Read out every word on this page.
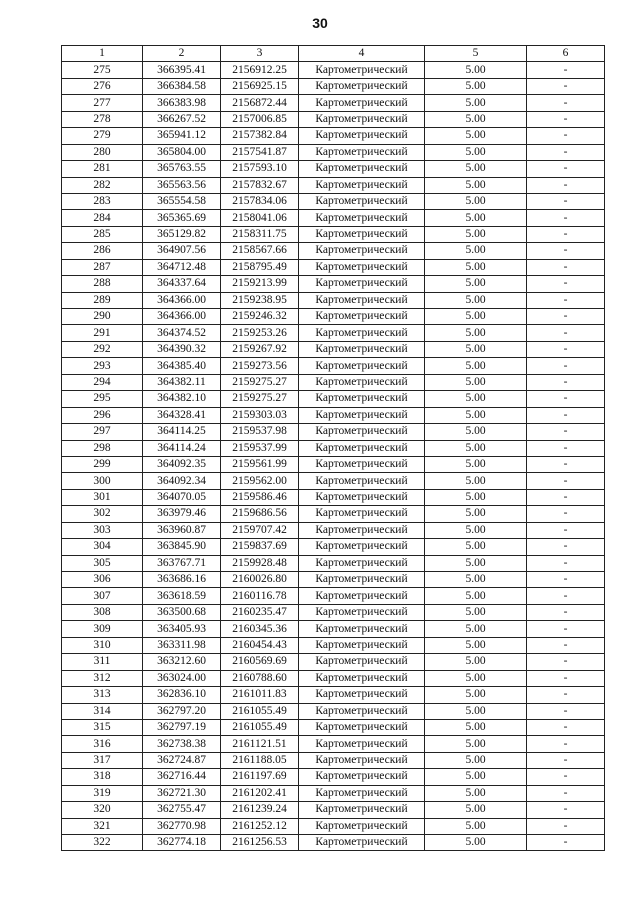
30
1	2	3	4	5	6
275	366395.41	2156912.25	Картометрический	5.00	-
276	366384.58	2156925.15	Картометрический	5.00	-
277	366383.98	2156872.44	Картометрический	5.00	-
278	366267.52	2157006.85	Картометрический	5.00	-
279	365941.12	2157382.84	Картометрический	5.00	-
280	365804.00	2157541.87	Картометрический	5.00	-
281	365763.55	2157593.10	Картометрический	5.00	-
282	365563.56	2157832.67	Картометрический	5.00	-
283	365554.58	2157834.06	Картометрический	5.00	-
284	365365.69	2158041.06	Картометрический	5.00	-
285	365129.82	2158311.75	Картометрический	5.00	-
286	364907.56	2158567.66	Картометрический	5.00	-
287	364712.48	2158795.49	Картометрический	5.00	-
288	364337.64	2159213.99	Картометрический	5.00	-
289	364366.00	2159238.95	Картометрический	5.00	-
290	364366.00	2159246.32	Картометрический	5.00	-
291	364374.52	2159253.26	Картометрический	5.00	-
292	364390.32	2159267.92	Картометрический	5.00	-
293	364385.40	2159273.56	Картометрический	5.00	-
294	364382.11	2159275.27	Картометрический	5.00	-
295	364382.10	2159275.27	Картометрический	5.00	-
296	364328.41	2159303.03	Картометрический	5.00	-
297	364114.25	2159537.98	Картометрический	5.00	-
298	364114.24	2159537.99	Картометрический	5.00	-
299	364092.35	2159561.99	Картометрический	5.00	-
300	364092.34	2159562.00	Картометрический	5.00	-
301	364070.05	2159586.46	Картометрический	5.00	-
302	363979.46	2159686.56	Картометрический	5.00	-
303	363960.87	2159707.42	Картометрический	5.00	-
304	363845.90	2159837.69	Картометрический	5.00	-
305	363767.71	2159928.48	Картометрический	5.00	-
306	363686.16	2160026.80	Картометрический	5.00	-
307	363618.59	2160116.78	Картометрический	5.00	-
308	363500.68	2160235.47	Картометрический	5.00	-
309	363405.93	2160345.36	Картометрический	5.00	-
310	363311.98	2160454.43	Картометрический	5.00	-
311	363212.60	2160569.69	Картометрический	5.00	-
312	363024.00	2160788.60	Картометрический	5.00	-
313	362836.10	2161011.83	Картометрический	5.00	-
314	362797.20	2161055.49	Картометрический	5.00	-
315	362797.19	2161055.49	Картометрический	5.00	-
316	362738.38	2161121.51	Картометрический	5.00	-
317	362724.87	2161188.05	Картометрический	5.00	-
318	362716.44	2161197.69	Картометрический	5.00	-
319	362721.30	2161202.41	Картометрический	5.00	-
320	362755.47	2161239.24	Картометрический	5.00	-
321	362770.98	2161252.12	Картометрический	5.00	-
322	362774.18	2161256.53	Картометрический	5.00	-
